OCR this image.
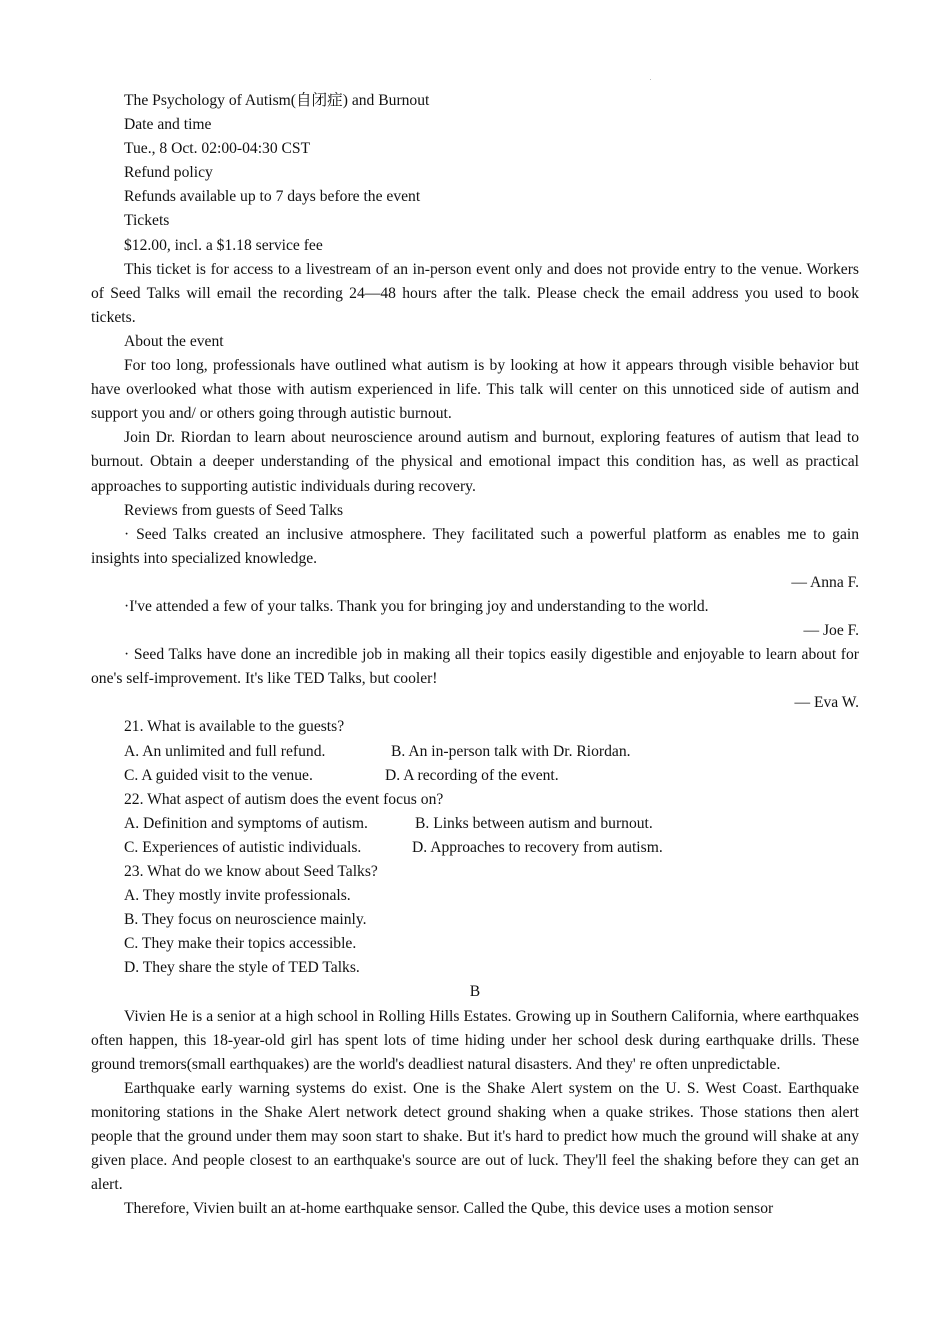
The Psychology of Autism(自闭症) and Burnout

Date and time

Tue., 8 Oct. 02:00-04:30 CST

Refund policy

Refunds available up to 7 days before the event

Tickets

$12.00, incl. a $1.18 service fee

This ticket is for access to a livestream of an in-person event only and does not provide entry to the venue. Workers of Seed Talks will email the recording 24—48 hours after the talk. Please check the email address you used to book tickets.

About the event

For too long, professionals have outlined what autism is by looking at how it appears through visible behavior but have overlooked what those with autism experienced in life. This talk will center on this unnoticed side of autism and support you and/ or others going through autistic burnout.

Join Dr. Riordan to learn about neuroscience around autism and burnout, exploring features of autism that lead to burnout. Obtain a deeper understanding of the physical and emotional impact this condition has, as well as practical approaches to supporting autistic individuals during recovery.

Reviews from guests of Seed Talks

· Seed Talks created an inclusive atmosphere. They facilitated such a powerful platform as enables me to gain insights into specialized knowledge.

— Anna F.

·I've attended a few of your talks. Thank you for bringing joy and understanding to the world.

— Joe F.

· Seed Talks have done an incredible job in making all their topics easily digestible and enjoyable to learn about for one's self-improvement. It's like TED Talks, but cooler!

— Eva W.

21. What is available to the guests?

A. An unlimited and full refund.	B. An in-person talk with Dr. Riordan.

C. A guided visit to the venue.	D. A recording of the event.

22. What aspect of autism does the event focus on?

A. Definition and symptoms of autism.	B. Links between autism and burnout.

C. Experiences of autistic individuals.	D. Approaches to recovery from autism.

23. What do we know about Seed Talks?

A. They mostly invite professionals.

B. They focus on neuroscience mainly.

C. They make their topics accessible.

D. They share the style of TED Talks.

B

Vivien He is a senior at a high school in Rolling Hills Estates. Growing up in Southern California, where earthquakes often happen, this 18-year-old girl has spent lots of time hiding under her school desk during earthquake drills. These ground tremors(small earthquakes) are the world's deadliest natural disasters. And they' re often unpredictable.

Earthquake early warning systems do exist. One is the Shake Alert system on the U. S. West Coast. Earthquake monitoring stations in the Shake Alert network detect ground shaking when a quake strikes. Those stations then alert people that the ground under them may soon start to shake. But it's hard to predict how much the ground will shake at any given place. And people closest to an earthquake's source are out of luck. They'll feel the shaking before they can get an alert.

Therefore, Vivien built an at-home earthquake sensor. Called the Qube, this device uses a motion sensor
